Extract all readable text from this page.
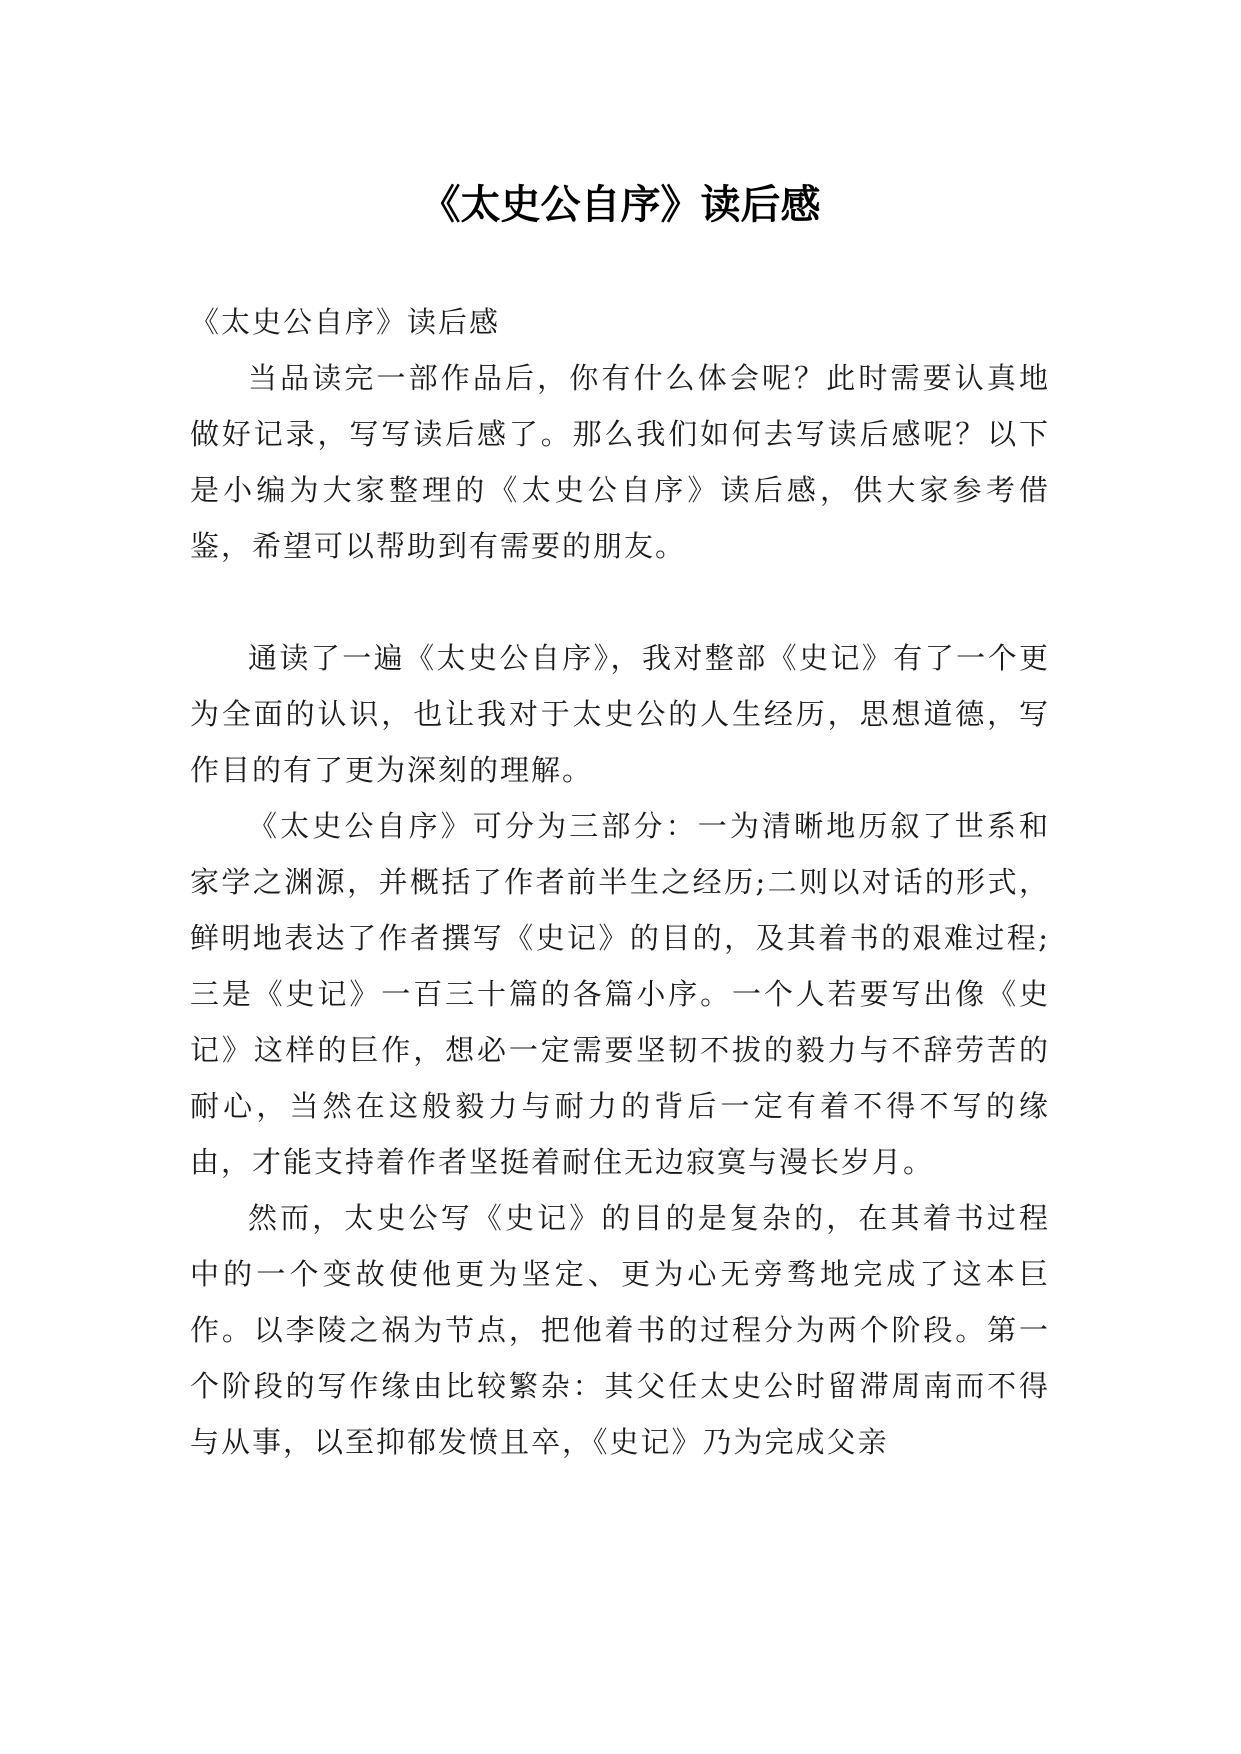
《太史公自序》读后感

《太史公自序》读后感

当品读完一部作品后，你有什么体会呢？此时需要认真地做好记录，写写读后感了。那么我们如何去写读后感呢？以下是小编为大家整理的《太史公自序》读后感，供大家参考借鉴，希望可以帮助到有需要的朋友。

通读了一遍《太史公自序》，我对整部《史记》有了一个更为全面的认识，也让我对于太史公的人生经历，思想道德，写作目的有了更为深刻的理解。

《太史公自序》可分为三部分：一为清晰地历叙了世系和家学之渊源，并概括了作者前半生之经历;二则以对话的形式，鲜明地表达了作者撰写《史记》的目的，及其着书的艰难过程;三是《史记》一百三十篇的各篇小序。一个人若要写出像《史记》这样的巨作，想必一定需要坚韧不拔的毅力与不辞劳苦的耐心，当然在这般毅力与耐力的背后一定有着不得不写的缘由，才能支持着作者坚挺着耐住无边寂寞与漫长岁月。

然而，太史公写《史记》的目的是复杂的，在其着书过程中的一个变故使他更为坚定、更为心无旁骛地完成了这本巨作。以李陵之祸为节点，把他着书的过程分为两个阶段。第一个阶段的写作缘由比较繁杂：其父任太史公时留滞周南而不得与从事，以至抑郁发愤且卒，《史记》乃为完成父亲
